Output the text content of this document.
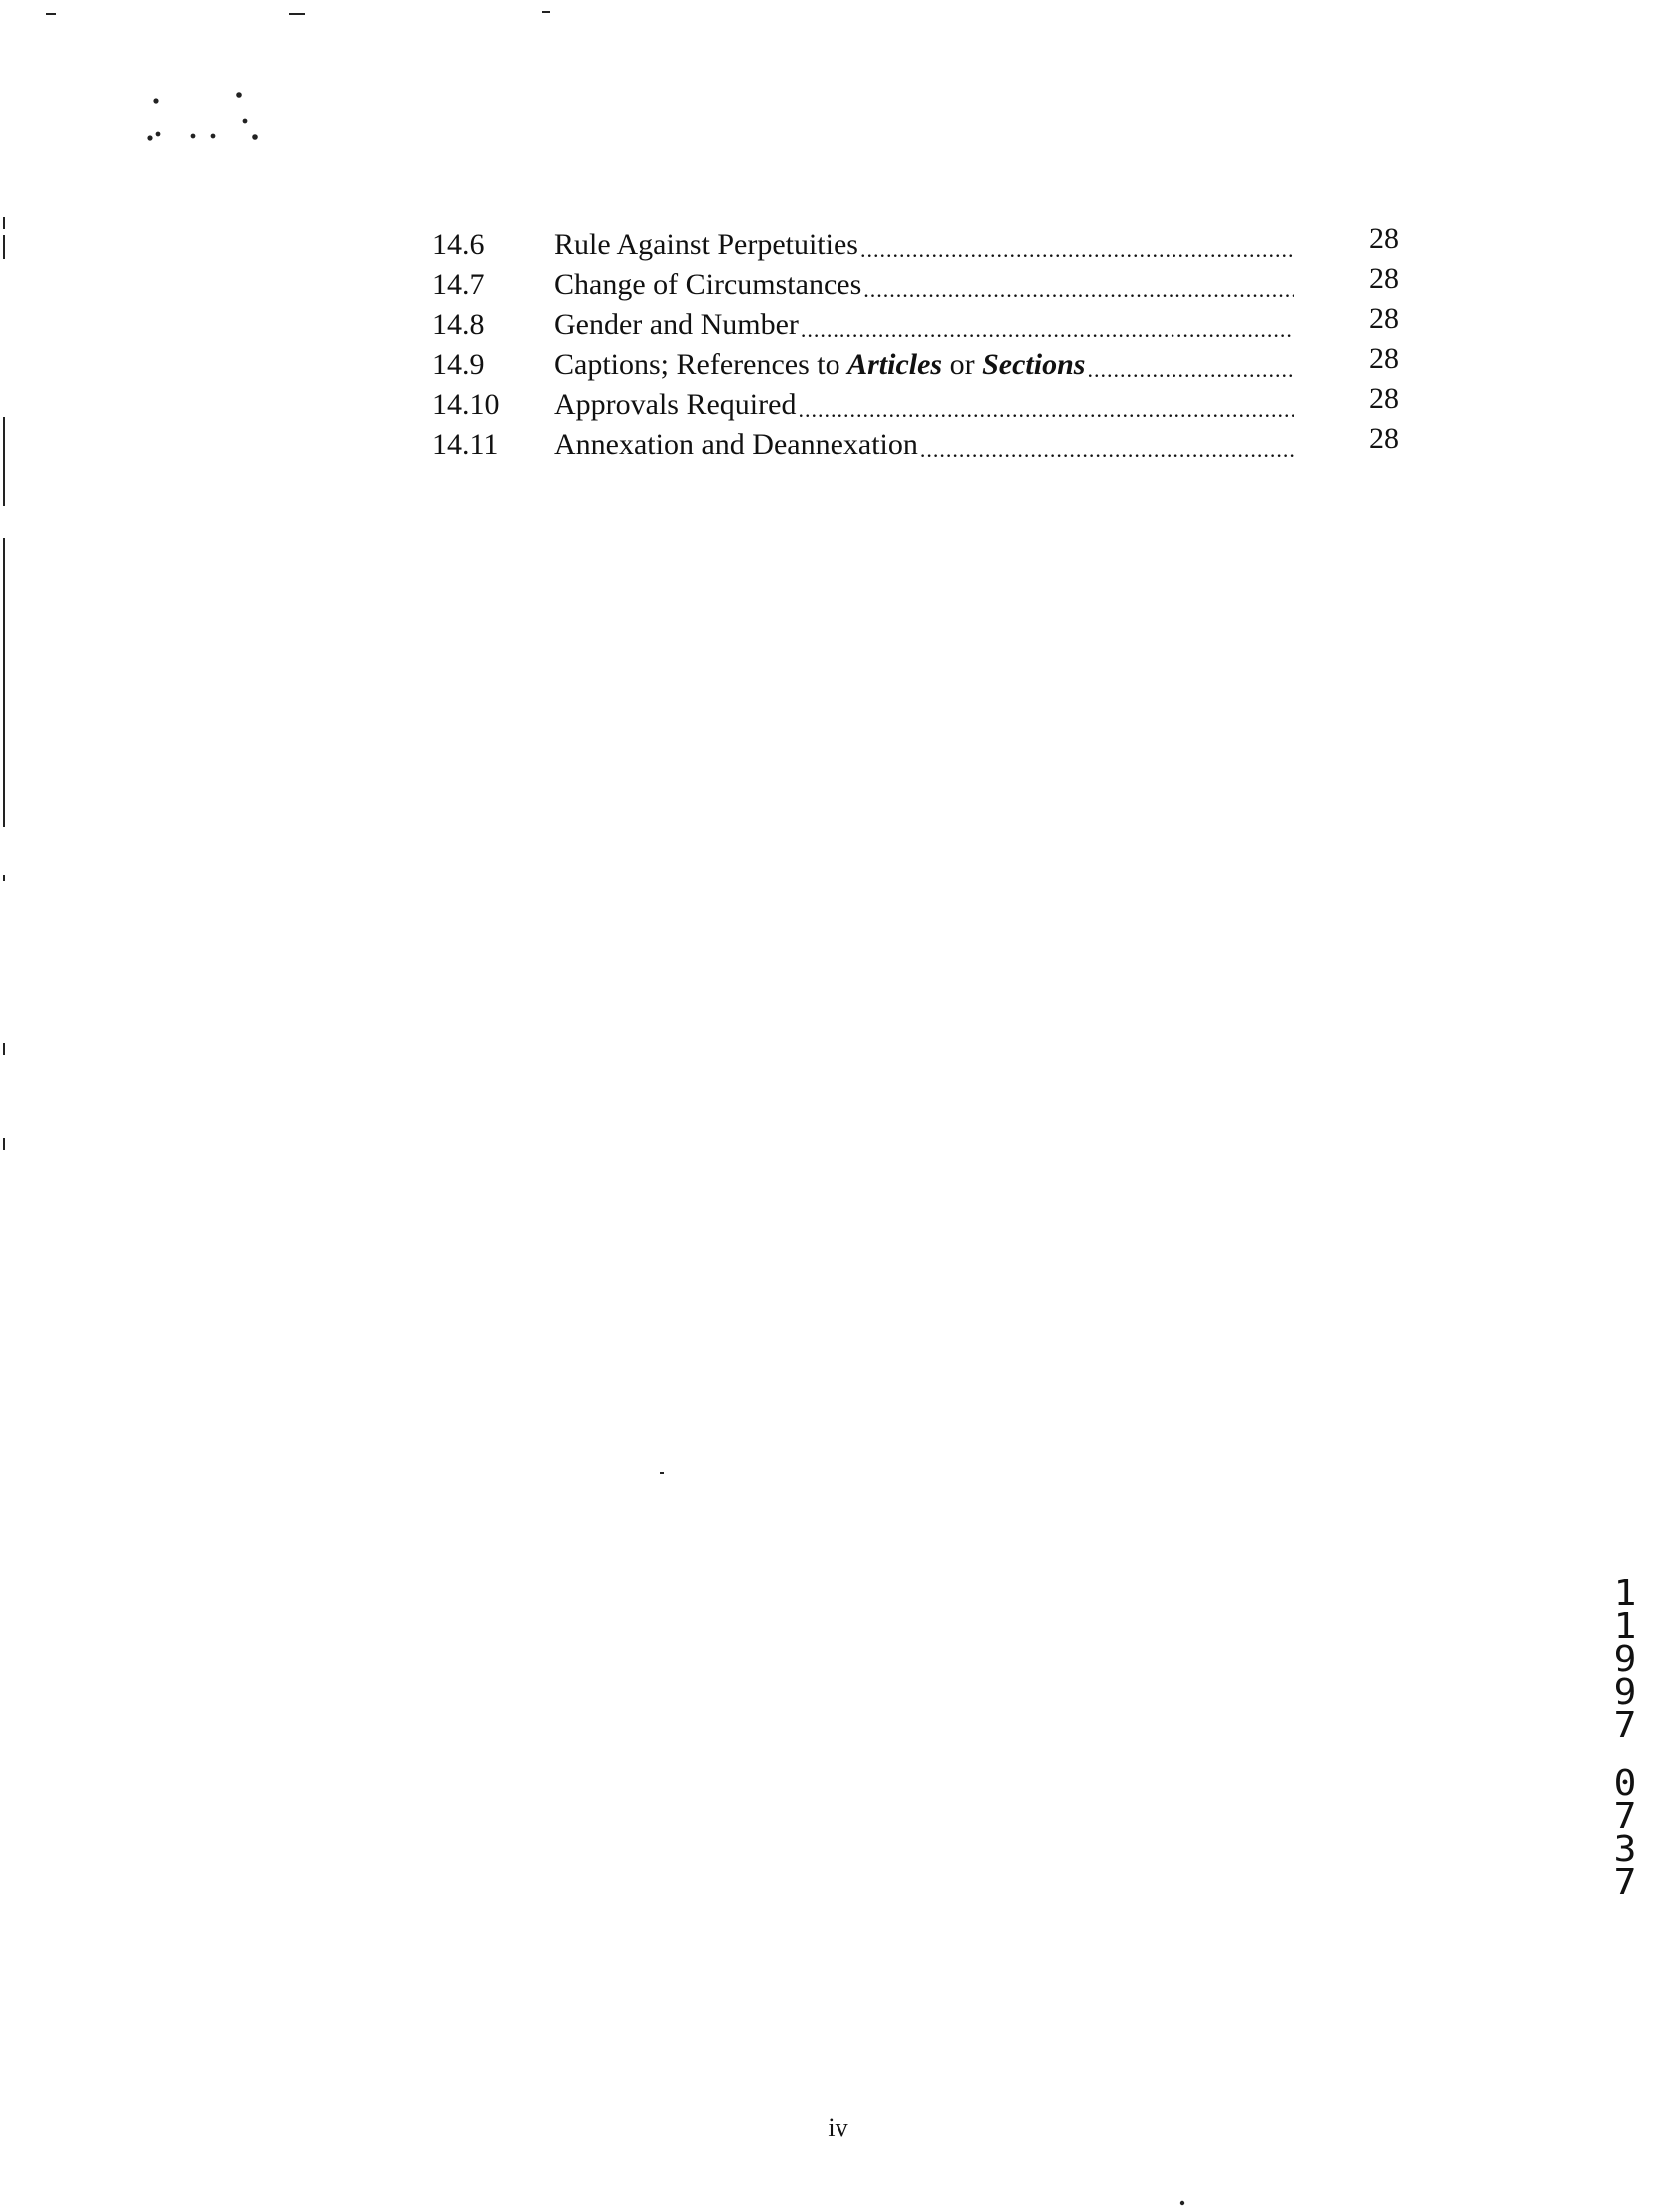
14.6	Rule Against Perpetuities .....	28
14.7	Change of Circumstances .....	28
14.8	Gender and Number .....	28
14.9	Captions; References to Articles or Sections .....	28
14.10	Approvals Required .....	28
14.11	Annexation and Deannexation .....	28
1
1
9
9
7
0
7
3
7
iv
